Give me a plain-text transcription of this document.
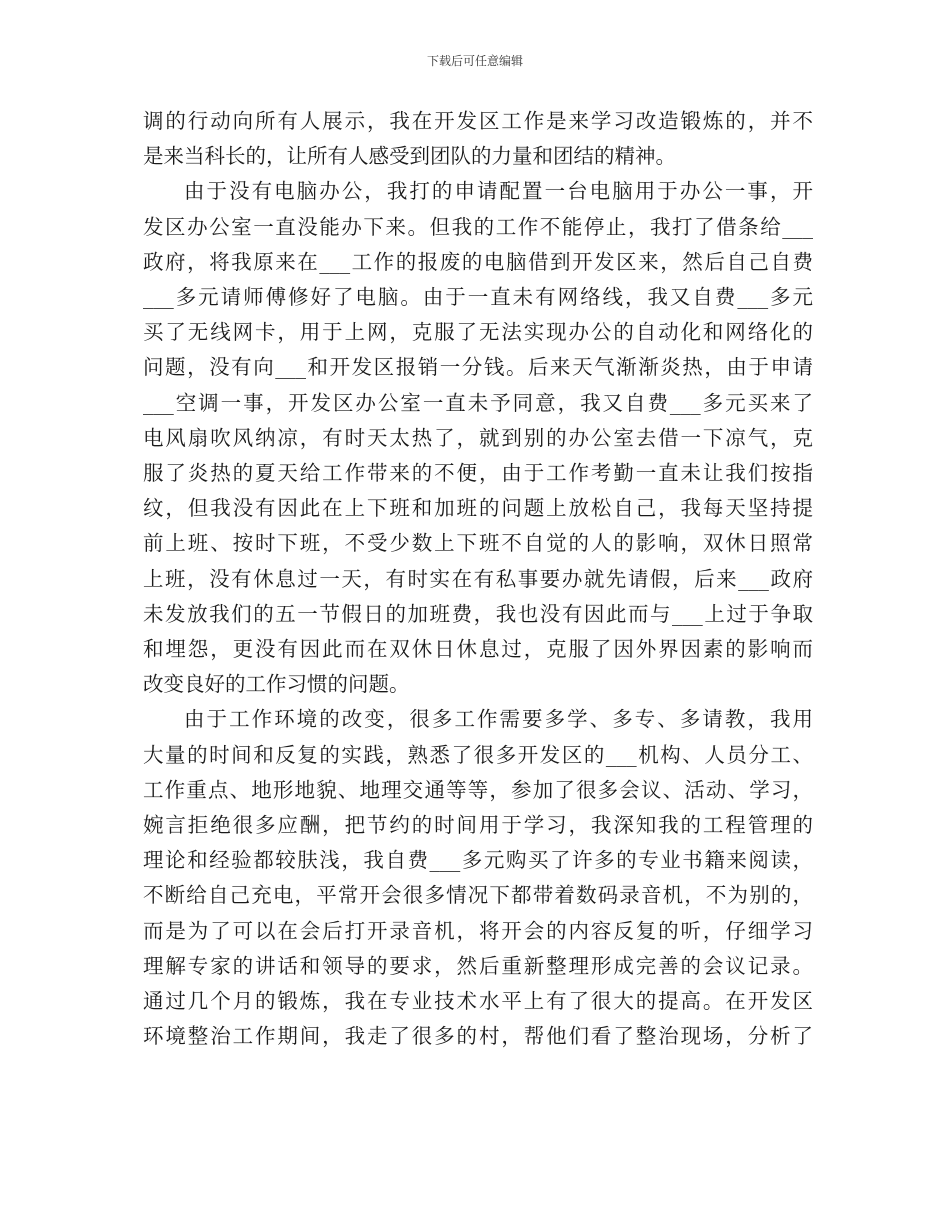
下载后可任意编辑

调的行动向所有人展示，我在开发区工作是来学习改造锻炼的，并不
是来当科长的，让所有人感受到团队的力量和团结的精神。

由于没有电脑办公，我打的申请配置一台电脑用于办公一事，开
发区办公室一直没能办下来。但我的工作不能停止，我打了借条给___
政府，将我原来在___工作的报废的电脑借到开发区来，然后自己自费
___多元请师傅修好了电脑。由于一直未有网络线，我又自费___多元
买了无线网卡，用于上网，克服了无法实现办公的自动化和网络化的
问题，没有向___和开发区报销一分钱。后来天气渐渐炎热，由于申请
___空调一事，开发区办公室一直未予同意，我又自费___多元买来了
电风扇吹风纳凉，有时天太热了，就到别的办公室去借一下凉气，克
服了炎热的夏天给工作带来的不便，由于工作考勤一直未让我们按指
纹，但我没有因此在上下班和加班的问题上放松自己，我每天坚持提
前上班、按时下班，不受少数上下班不自觉的人的影响，双休日照常
上班，没有休息过一天，有时实在有私事要办就先请假，后来___政府
未发放我们的五一节假日的加班费，我也没有因此而与___上过于争取
和埋怨，更没有因此而在双休日休息过，克服了因外界因素的影响而
改变良好的工作习惯的问题。

由于工作环境的改变，很多工作需要多学、多专、多请教，我用
大量的时间和反复的实践，熟悉了很多开发区的___机构、人员分工、
工作重点、地形地貌、地理交通等等，参加了很多会议、活动、学习，
婉言拒绝很多应酬，把节约的时间用于学习，我深知我的工程管理的
理论和经验都较肤浅，我自费___多元购买了许多的专业书籍来阅读，
不断给自己充电，平常开会很多情况下都带着数码录音机，不为别的，
而是为了可以在会后打开录音机，将开会的内容反复的听，仔细学习
理解专家的讲话和领导的要求，然后重新整理形成完善的会议记录。
通过几个月的锻炼，我在专业技术水平上有了很大的提高。在开发区
环境整治工作期间，我走了很多的村，帮他们看了整治现场，分析了
